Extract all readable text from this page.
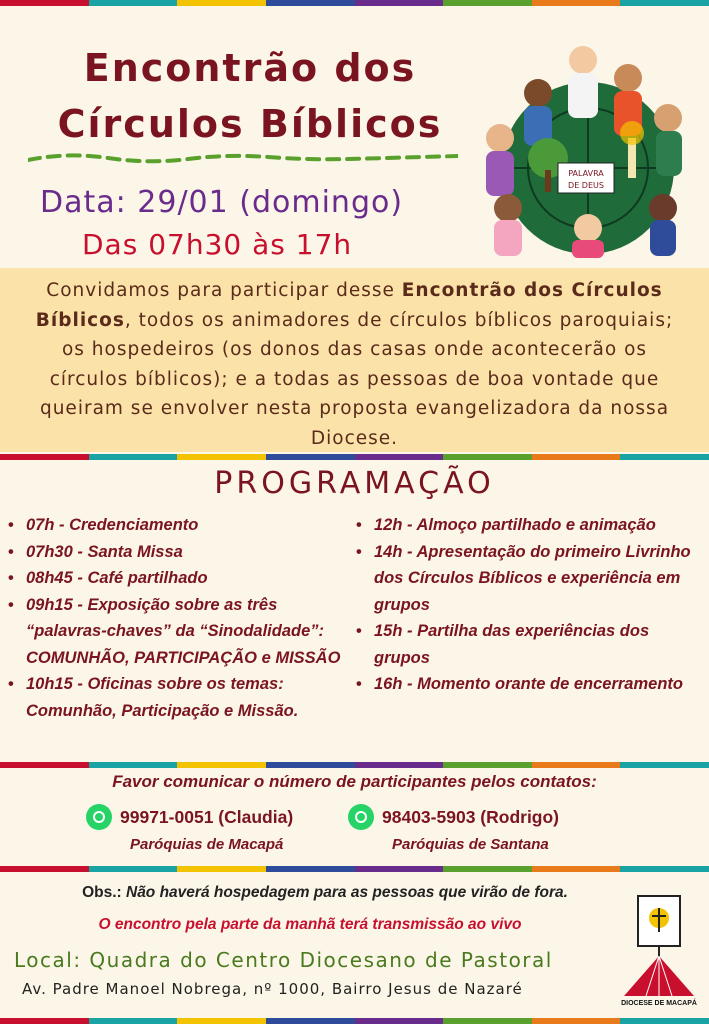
Encontrão dos
Círculos Bíblicos
Data: 29/01 (domingo)
Das 07h30 às 17h
PALAVRA
DE DEUS

Convidamos para participar desse Encontrão dos Círculos Bíblicos, todos os animadores de círculos bíblicos paroquiais; os hospedeiros (os donos das casas onde acontecerão os círculos bíblicos); e a todas as pessoas de boa vontade que queiram se envolver nesta proposta evangelizadora da nossa Diocese.

PROGRAMAÇÃO
• 07h - Credenciamento
• 07h30 - Santa Missa
• 08h45 - Café partilhado
• 09h15 - Exposição sobre as três “palavras-chaves” da “Sinodalidade”: COMUNHÃO, PARTICIPAÇÃO e MISSÃO
• 10h15 - Oficinas sobre os temas: Comunhão, Participação e Missão.
• 12h - Almoço partilhado e animação
• 14h - Apresentação do primeiro Livrinho dos Círculos Bíblicos e experiência em grupos
• 15h - Partilha das experiências dos grupos
• 16h - Momento orante de encerramento
Favor comunicar o número de participantes pelos contatos:
99971-0051 (Claudia)
Paróquias de Macapá
98403-5903 (Rodrigo)
Paróquias de Santana
Obs.: Não haverá hospedagem para as pessoas que virão de fora.
O encontro pela parte da manhã terá transmissão ao vivo
Local: Quadra do Centro Diocesano de Pastoral
Av. Padre Manoel Nobrega, nº 1000, Bairro Jesus de Nazaré
DIOCESE DE MACAPÁ
